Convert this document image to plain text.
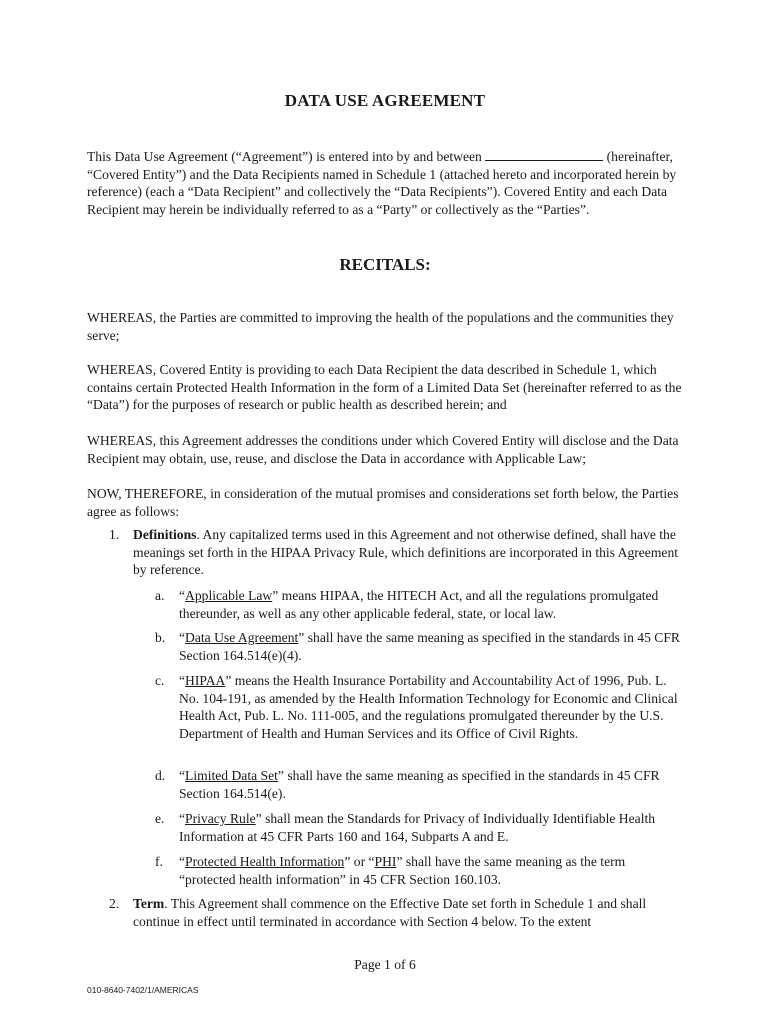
DATA USE AGREEMENT
This Data Use Agreement (“Agreement”) is entered into by and between	(hereinafter, “Covered Entity”) and the Data Recipients named in Schedule 1 (attached hereto and incorporated herein by reference) (each a “Data Recipient” and collectively the “Data Recipients”). Covered Entity and each Data Recipient may herein be individually referred to as a “Party” or collectively as the “Parties”.
RECITALS:
WHEREAS, the Parties are committed to improving the health of the populations and the communities they serve;
WHEREAS, Covered Entity is providing to each Data Recipient the data described in Schedule 1, which contains certain Protected Health Information in the form of a Limited Data Set (hereinafter referred to as the “Data”) for the purposes of research or public health as described herein; and
WHEREAS, this Agreement addresses the conditions under which Covered Entity will disclose and the Data Recipient may obtain, use, reuse, and disclose the Data in accordance with Applicable Law;
NOW, THEREFORE, in consideration of the mutual promises and considerations set forth below, the Parties agree as follows:
1. Definitions. Any capitalized terms used in this Agreement and not otherwise defined, shall have the meanings set forth in the HIPAA Privacy Rule, which definitions are incorporated in this Agreement by reference.
a. “Applicable Law” means HIPAA, the HITECH Act, and all the regulations promulgated thereunder, as well as any other applicable federal, state, or local law.
b. “Data Use Agreement” shall have the same meaning as specified in the standards in 45 CFR Section 164.514(e)(4).
c. “HIPAA” means the Health Insurance Portability and Accountability Act of 1996, Pub. L. No. 104-191, as amended by the Health Information Technology for Economic and Clinical Health Act, Pub. L. No. 111-005, and the regulations promulgated thereunder by the U.S. Department of Health and Human Services and its Office of Civil Rights.
d. “Limited Data Set” shall have the same meaning as specified in the standards in 45 CFR Section 164.514(e).
e. “Privacy Rule” shall mean the Standards for Privacy of Individually Identifiable Health Information at 45 CFR Parts 160 and 164, Subparts A and E.
f. “Protected Health Information” or “PHI” shall have the same meaning as the term “protected health information” in 45 CFR Section 160.103.
2. Term. This Agreement shall commence on the Effective Date set forth in Schedule 1 and shall continue in effect until terminated in accordance with Section 4 below. To the extent
Page 1 of 6
010-8640-7402/1/AMERICAS
